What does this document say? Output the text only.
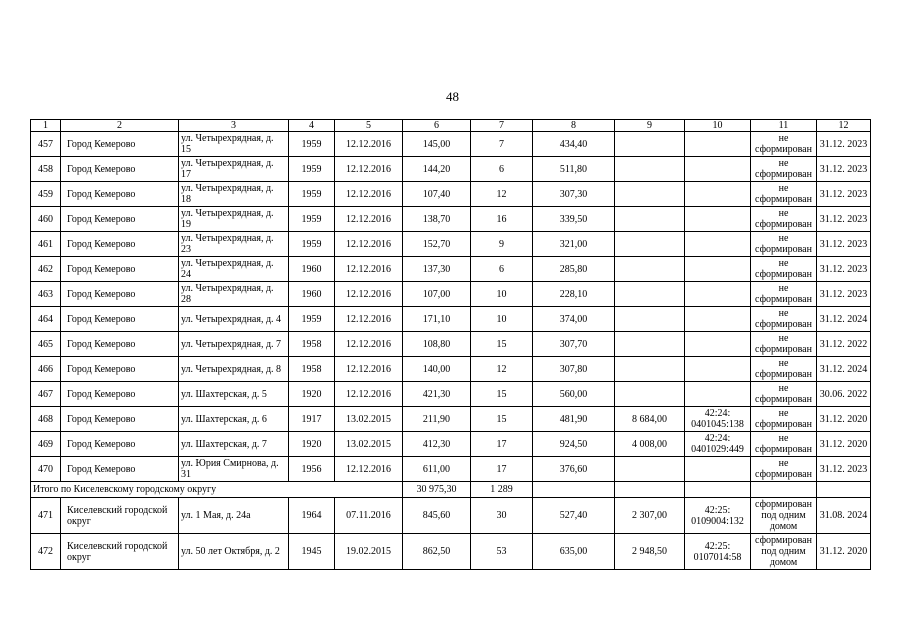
48
1	2	3	4	5	6	7	8	9	10	11	12
457	Город Кемерово	ул. Четырехрядная, д. 15	1959	12.12.2016	145,00	7	434,40			не сформирован	31.12. 2023
458	Город Кемерово	ул. Четырехрядная, д. 17	1959	12.12.2016	144,20	6	511,80			не сформирован	31.12. 2023
459	Город Кемерово	ул. Четырехрядная, д. 18	1959	12.12.2016	107,40	12	307,30			не сформирован	31.12. 2023
460	Город Кемерово	ул. Четырехрядная, д. 19	1959	12.12.2016	138,70	16	339,50			не сформирован	31.12. 2023
461	Город Кемерово	ул. Четырехрядная, д. 23	1959	12.12.2016	152,70	9	321,00			не сформирован	31.12. 2023
462	Город Кемерово	ул. Четырехрядная, д. 24	1960	12.12.2016	137,30	6	285,80			не сформирован	31.12. 2023
463	Город Кемерово	ул. Четырехрядная, д. 28	1960	12.12.2016	107,00	10	228,10			не сформирован	31.12. 2023
464	Город Кемерово	ул. Четырехрядная, д. 4	1959	12.12.2016	171,10	10	374,00			не сформирован	31.12. 2024
465	Город Кемерово	ул. Четырехрядная, д. 7	1958	12.12.2016	108,80	15	307,70			не сформирован	31.12. 2022
466	Город Кемерово	ул. Четырехрядная, д. 8	1958	12.12.2016	140,00	12	307,80			не сформирован	31.12. 2024
467	Город Кемерово	ул. Шахтерская, д. 5	1920	12.12.2016	421,30	15	560,00			не сформирован	30.06. 2022
468	Город Кемерово	ул. Шахтерская, д. 6	1917	13.02.2015	211,90	15	481,90	8 684,00	42:24: 0401045:138	не сформирован	31.12. 2020
469	Город Кемерово	ул. Шахтерская, д. 7	1920	13.02.2015	412,30	17	924,50	4 008,00	42:24: 0401029:449	не сформирован	31.12. 2020
470	Город Кемерово	ул. Юрия Смирнова, д. 31	1956	12.12.2016	611,00	17	376,60			не сформирован	31.12. 2023
Итого по Киселевскому городскому округу					30 975,30	1 289					
471	Киселевский городской округ	ул. 1 Мая, д. 24а	1964	07.11.2016	845,60	30	527,40	2 307,00	42:25: 0109004:132	сформирован под одним домом	31.08. 2024
472	Киселевский городской округ	ул. 50 лет Октября, д. 2	1945	19.02.2015	862,50	53	635,00	2 948,50	42:25: 0107014:58	сформирован под одним домом	31.12. 2020
